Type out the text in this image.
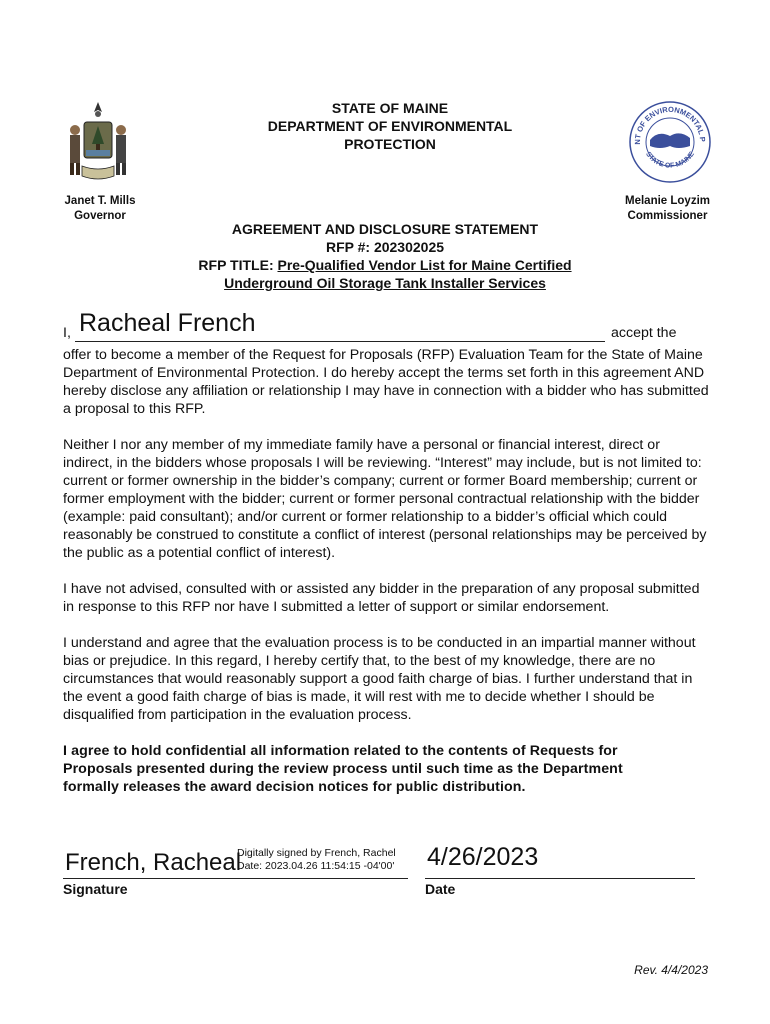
STATE OF MAINE
DEPARTMENT OF ENVIRONMENTAL
PROTECTION	NT OF ENVIRONMENTAL P
STATE OF MAINE
Janet T. Mills
Governor
Melanie Loyzim
Commissioner
AGREEMENT AND DISCLOSURE STATEMENT
RFP #: 202302025
RFP TITLE: Pre-Qualified Vendor List for Maine Certified
Underground Oil Storage Tank Installer Services
I, Racheal French	accept the

offer to become a member of the Request for Proposals (RFP) Evaluation Team for the State of Maine Department of Environmental Protection. I do hereby accept the terms set forth in this agreement AND hereby disclose any affiliation or relationship I may have in connection with a bidder who has submitted a proposal to this RFP.

Neither I nor any member of my immediate family have a personal or financial interest, direct or indirect, in the bidders whose proposals I will be reviewing. “Interest” may include, but is not limited to: current or former ownership in the bidder’s company; current or former Board membership; current or former employment with the bidder; current or former personal contractual relationship with the bidder (example: paid consultant); and/or current or former relationship to a bidder’s official which could reasonably be construed to constitute a conflict of interest (personal relationships may be perceived by the public as a potential conflict of interest).

I have not advised, consulted with or assisted any bidder in the preparation of any proposal submitted in response to this RFP nor have I submitted a letter of support or similar endorsement.

I understand and agree that the evaluation process is to be conducted in an impartial manner without bias or prejudice. In this regard, I hereby certify that, to the best of my knowledge, there are no circumstances that would reasonably support a good faith charge of bias. I further understand that in the event a good faith charge of bias is made, it will rest with me to decide whether I should be disqualified from participation in the evaluation process.

I agree to hold confidential all information related to the contents of Requests for Proposals presented during the review process until such time as the Department formally releases the award decision notices for public distribution.

French, Racheal
Digitally signed by French, Rachel
Date: 2023.04.26 11:54:15 -04'00'
Signature
4/26/2023
Date
Rev. 4/4/2023
